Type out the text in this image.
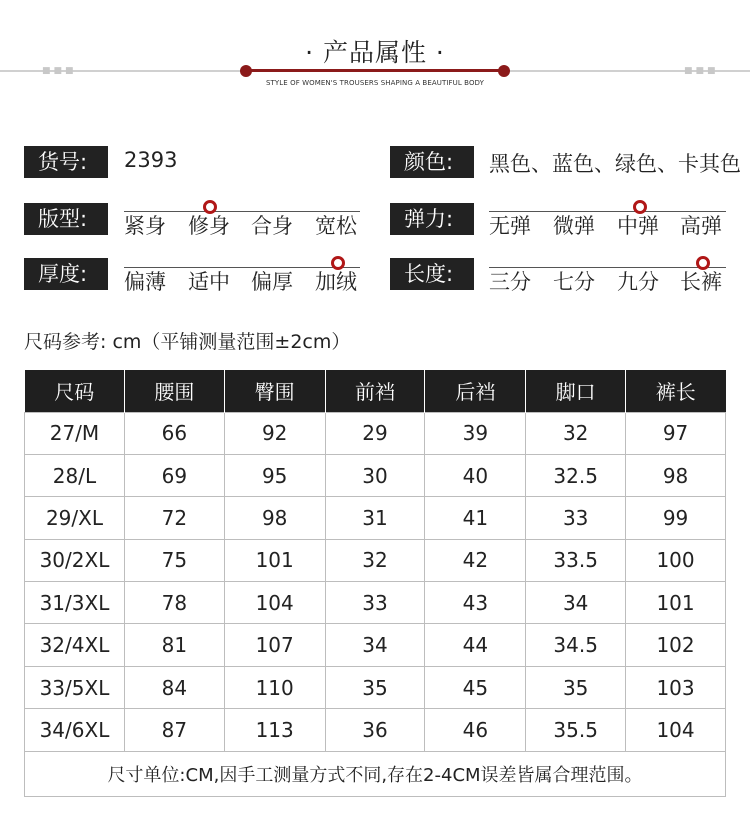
· 产品属性 ·
■■■	■■■
STYLE OF WOMEN'S TROUSERS SHAPING A BEAUTIFUL BODY
货号:	2393	颜色:	黑色、蓝色、绿色、卡其色
版型:	紧身 修身 合身 宽松	弹力:	无弹 微弹 中弹 高弹
厚度:	偏薄 适中 偏厚 加绒	长度:	三分 七分 九分 长裤
尺码参考: cm（平铺测量范围±2cm）
尺码	腰围	臀围	前裆	后裆	脚口	裤长
27/M	66	92	29	39	32	97
28/L	69	95	30	40	32.5	98
29/XL	72	98	31	41	33	99
30/2XL	75	101	32	42	33.5	100
31/3XL	78	104	33	43	34	101
32/4XL	81	107	34	44	34.5	102
33/5XL	84	110	35	45	35	103
34/6XL	87	113	36	46	35.5	104
尺寸单位:CM,因手工测量方式不同,存在2-4CM误差皆属合理范围。						
